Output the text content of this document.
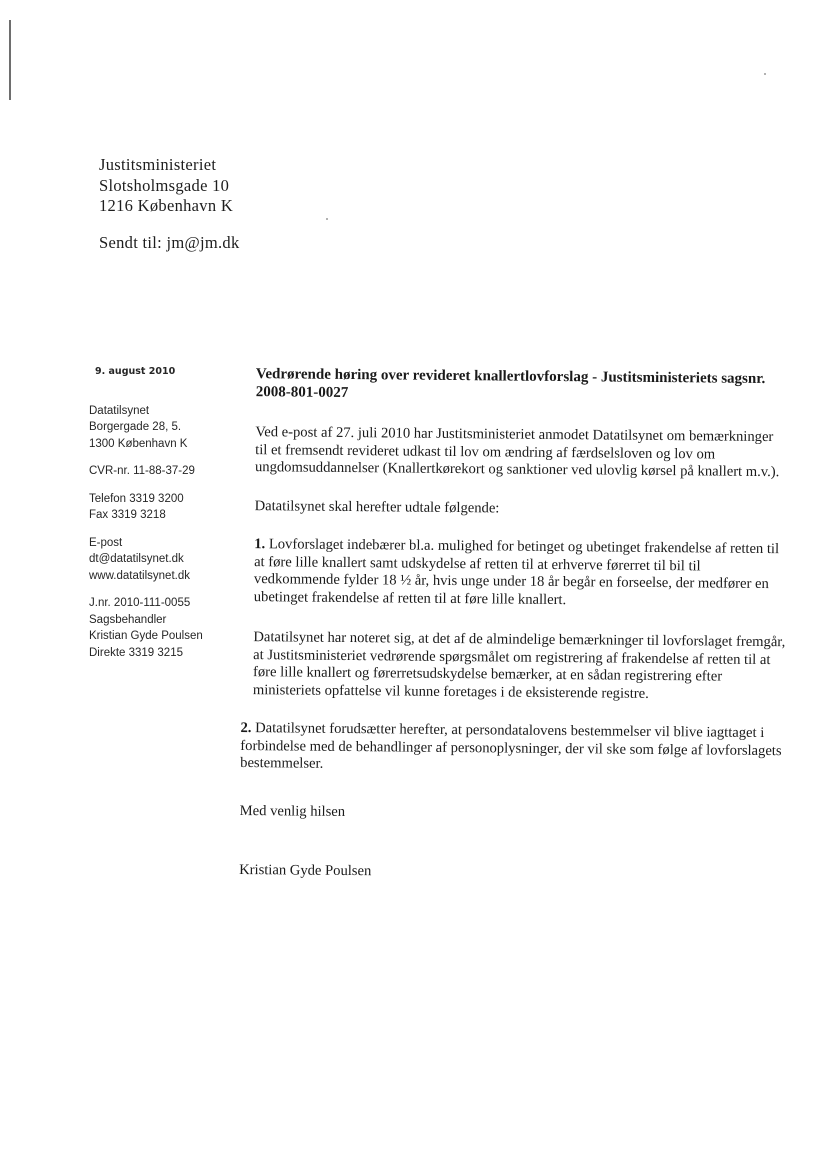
Justitsministeriet
Slotsholmsgade 10
1216 København K
Sendt til: jm@jm.dk
9. august 2010
Datatilsynet
Borgergade 28, 5.
1300 København K
CVR-nr. 11-88-37-29
Telefon 3319 3200
Fax 3319 3218
E-post
dt@datatilsynet.dk
www.datatilsynet.dk
J.nr. 2010-111-0055
Sagsbehandler
Kristian Gyde Poulsen
Direkte 3319 3215
Vedrørende høring over revideret knallertlovforslag - Justitsministeriets sagsnr. 2008-801-0027

Ved e-post af 27. juli 2010 har Justitsministeriet anmodet Datatilsynet om bemærkninger til et fremsendt revideret udkast til lov om ændring af færdselsloven og lov om ungdomsuddannelser (Knallertkørekort og sanktioner ved ulovlig kørsel på knallert m.v.).

Datatilsynet skal herefter udtale følgende:

1. Lovforslaget indebærer bl.a. mulighed for betinget og ubetinget frakendelse af retten til at føre lille knallert samt udskydelse af retten til at erhverve førerret til bil til vedkommende fylder 18 ½ år, hvis unge under 18 år begår en forseelse, der medfører en ubetinget frakendelse af retten til at føre lille knallert.

Datatilsynet har noteret sig, at det af de almindelige bemærkninger til lovforslaget fremgår, at Justitsministeriet vedrørende spørgsmålet om registrering af frakendelse af retten til at føre lille knallert og førerretsudskydelse bemærker, at en sådan registrering efter ministeriets opfattelse vil kunne foretages i de eksisterende registre.

2. Datatilsynet forudsætter herefter, at persondatalovens bestemmelser vil blive iagttaget i forbindelse med de behandlinger af personoplysninger, der vil ske som følge af lovforslagets bestemmelser.

Med venlig hilsen
Kristian Gyde Poulsen
